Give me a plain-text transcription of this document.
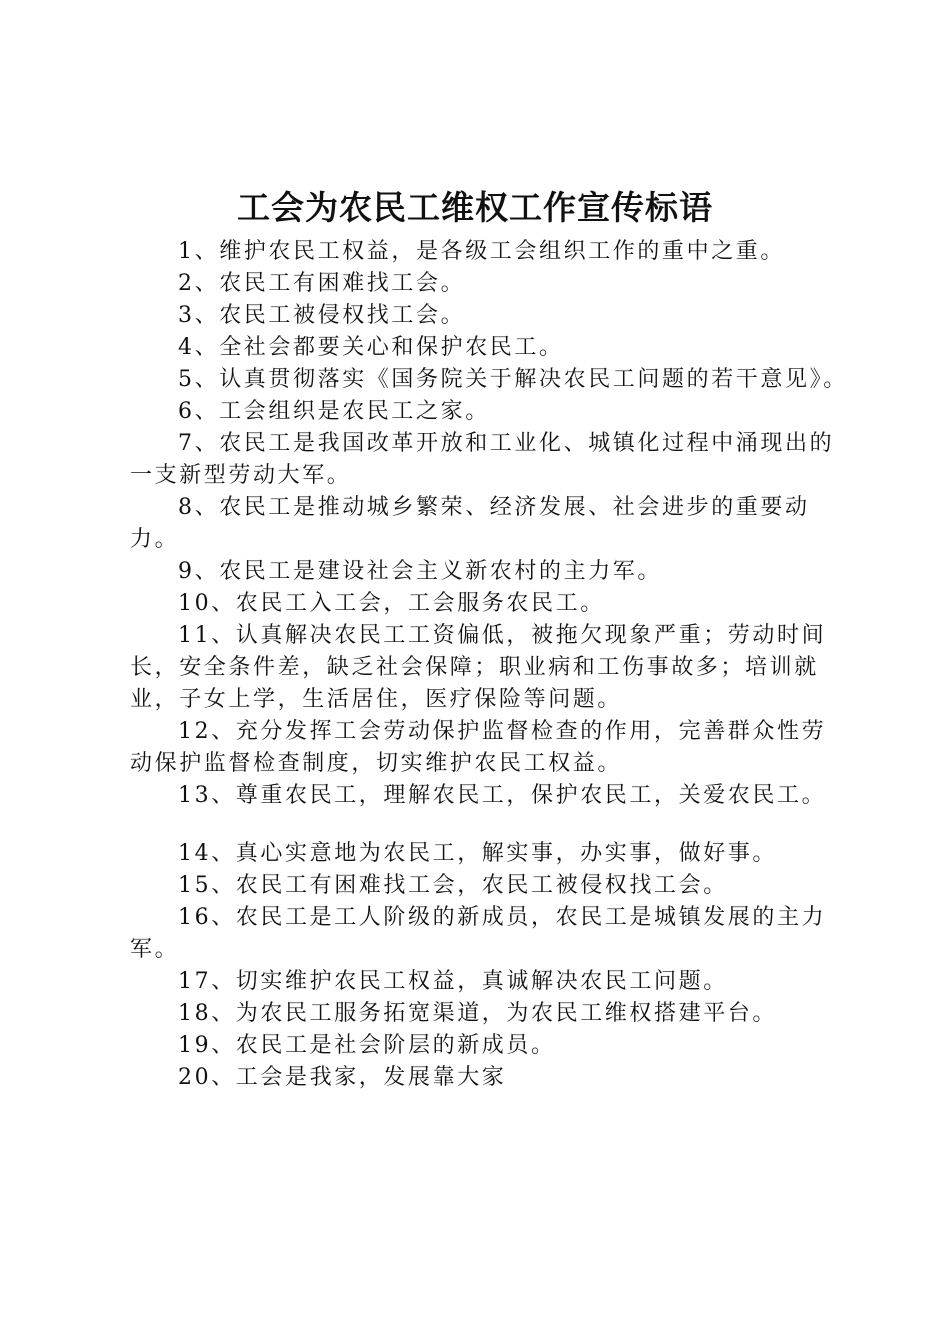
工会为农民工维权工作宣传标语

1、维护农民工权益，是各级工会组织工作的重中之重。

2、农民工有困难找工会。

3、农民工被侵权找工会。

4、全社会都要关心和保护农民工。

5、认真贯彻落实《国务院关于解决农民工问题的若干意见》。

6、工会组织是农民工之家。

7、农民工是我国改革开放和工业化、城镇化过程中涌现出的一支新型劳动大军。

8、农民工是推动城乡繁荣、经济发展、社会进步的重要动力。

9、农民工是建设社会主义新农村的主力军。

10、农民工入工会，工会服务农民工。

11、认真解决农民工工资偏低，被拖欠现象严重；劳动时间长，安全条件差，缺乏社会保障；职业病和工伤事故多；培训就业，子女上学，生活居住，医疗保险等问题。

12、充分发挥工会劳动保护监督检查的作用，完善群众性劳动保护监督检查制度，切实维护农民工权益。

13、尊重农民工，理解农民工，保护农民工，关爱农民工。

14、真心实意地为农民工，解实事，办实事，做好事。

15、农民工有困难找工会，农民工被侵权找工会。

16、农民工是工人阶级的新成员，农民工是城镇发展的主力军。

17、切实维护农民工权益，真诚解决农民工问题。

18、为农民工服务拓宽渠道，为农民工维权搭建平台。

19、农民工是社会阶层的新成员。

20、工会是我家，发展靠大家
